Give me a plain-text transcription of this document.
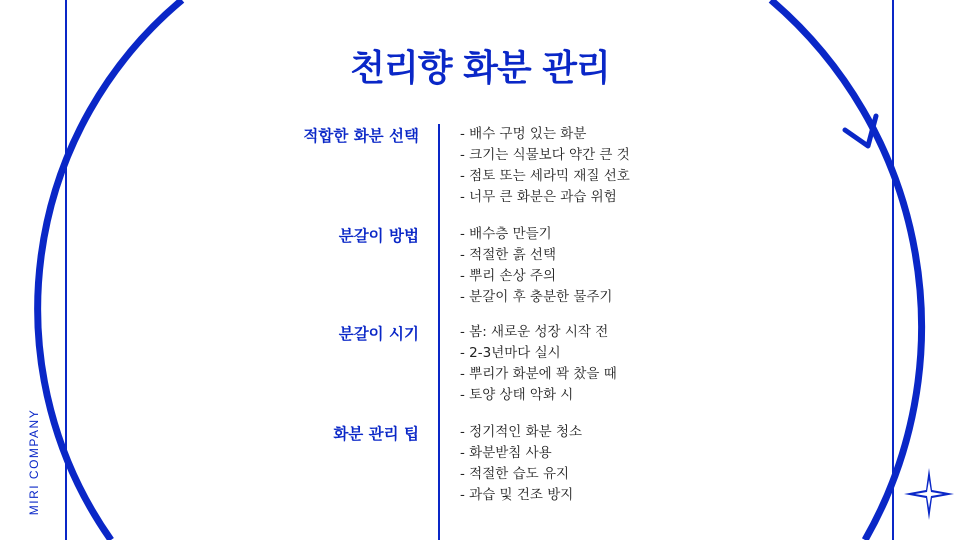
천리향 화분 관리
MIRI COMPANY
적합한 화분 선택	- 배수 구멍 있는 화분
- 크기는 식물보다 약간 큰 것
- 점토 또는 세라믹 재질 선호
- 너무 큰 화분은 과습 위험
분갈이 방법	- 배수층 만들기
- 적절한 흙 선택
- 뿌리 손상 주의
- 분갈이 후 충분한 물주기
분갈이 시기	- 봄: 새로운 성장 시작 전
- 2-3년마다 실시
- 뿌리가 화분에 꽉 찼을 때
- 토양 상태 악화 시
화분 관리 팁	- 정기적인 화분 청소
- 화분받침 사용
- 적절한 습도 유지
- 과습 및 건조 방지
